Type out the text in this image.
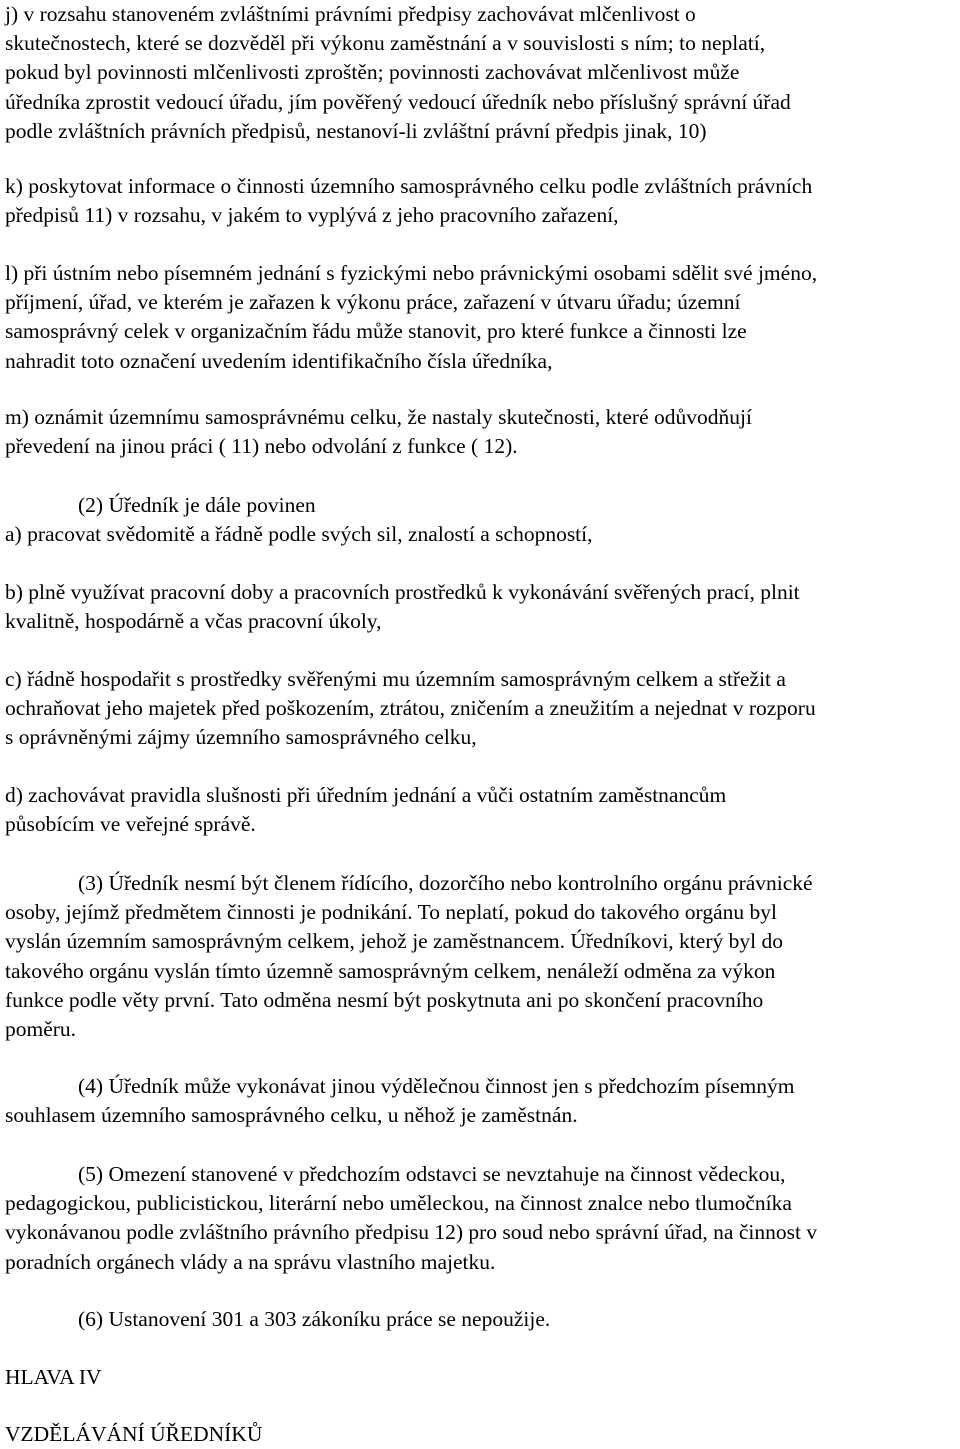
j) v rozsahu stanoveném zvláštními právními předpisy zachovávat mlčenlivost o
skutečnostech, které se dozvěděl při výkonu zaměstnání a v souvislosti s ním; to neplatí,
pokud byl povinnosti mlčenlivosti zproštěn; povinnosti zachovávat mlčenlivost může
úředníka zprostit vedoucí úřadu, jím pověřený vedoucí úředník nebo příslušný správní úřad
podle zvláštních právních předpisů, nestanoví-li zvláštní právní předpis jinak, 10)
k) poskytovat informace o činnosti územního samosprávného celku podle zvláštních právních
předpisů 11) v rozsahu, v jakém to vyplývá z jeho pracovního zařazení,
l) při ústním nebo písemném jednání s fyzickými nebo právnickými osobami sdělit své jméno,
příjmení, úřad, ve kterém je zařazen k výkonu práce, zařazení v útvaru úřadu; územní
samosprávný celek v organizačním řádu může stanovit, pro které funkce a činnosti lze
nahradit toto označení uvedením identifikačního čísla úředníka,
m) oznámit územnímu samosprávnému celku, že nastaly skutečnosti, které odůvodňují
převedení na jinou práci ( 11) nebo odvolání z funkce ( 12).
(2) Úředník je dále povinen
a) pracovat svědomitě a řádně podle svých sil, znalostí a schopností,
b) plně využívat pracovní doby a pracovních prostředků k vykonávání svěřených prací, plnit
kvalitně, hospodárně a včas pracovní úkoly,
c) řádně hospodařit s prostředky svěřenými mu územním samosprávným celkem a střežit a
ochraňovat jeho majetek před poškozením, ztrátou, zničením a zneužitím a nejednat v rozporu
s oprávněnými zájmy územního samosprávného celku,
d) zachovávat pravidla slušnosti při úředním jednání a vůči ostatním zaměstnancům
působícím ve veřejné správě.
(3) Úředník nesmí být členem řídícího, dozorčího nebo kontrolního orgánu právnické
osoby, jejímž předmětem činnosti je podnikání. To neplatí, pokud do takového orgánu byl
vyslán územním samosprávným celkem, jehož je zaměstnancem. Úředníkovi, který byl do
takového orgánu vyslán tímto územně samosprávným celkem, nenáleží odměna za výkon
funkce podle věty první. Tato odměna nesmí být poskytnuta ani po skončení pracovního
poměru.
(4) Úředník může vykonávat jinou výdělečnou činnost jen s předchozím písemným
souhlasem územního samosprávného celku, u něhož je zaměstnán.
(5) Omezení stanovené v předchozím odstavci se nevztahuje na činnost vědeckou,
pedagogickou, publicistickou, literární nebo uměleckou, na činnost znalce nebo tlumočníka
vykonávanou podle zvláštního právního předpisu 12) pro soud nebo správní úřad, na činnost v
poradních orgánech vlády a na správu vlastního majetku.
(6) Ustanovení 301 a 303 zákoníku práce se nepoužije.
HLAVA IV
VZDĚLÁVÁNÍ ÚŘEDNÍKŮ
